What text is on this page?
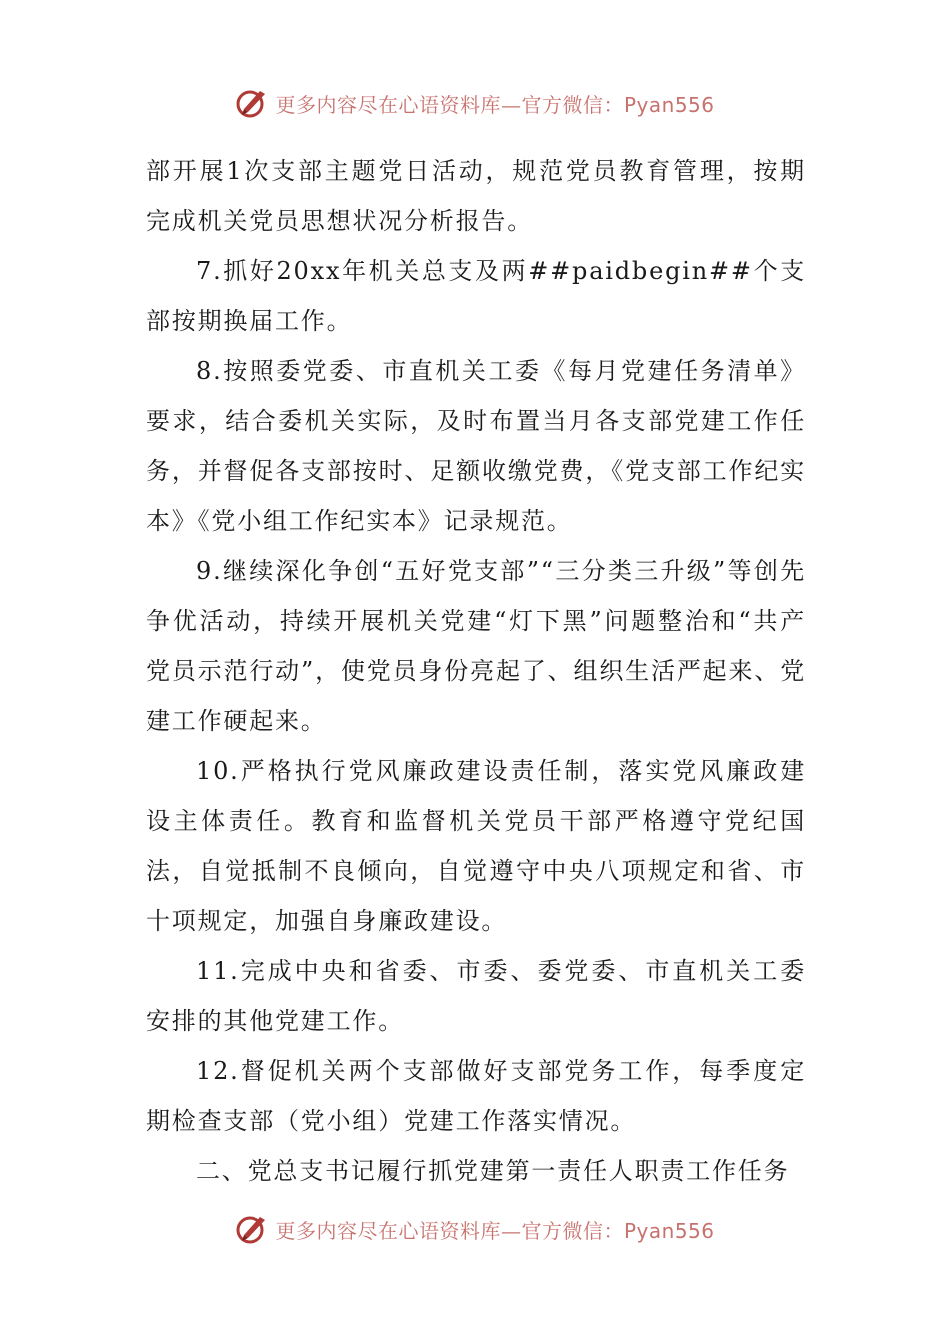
更多内容尽在心语资料库—官方微信：Pyan556

部开展1次支部主题党日活动，规范党员教育管理，按期完成机关党员思想状况分析报告。

7.抓好20xx年机关总支及两##paidbegin##个支部按期换届工作。

8.按照委党委、市直机关工委《每月党建任务清单》要求，结合委机关实际，及时布置当月各支部党建工作任务，并督促各支部按时、足额收缴党费，《党支部工作纪实本》《党小组工作纪实本》记录规范。

9.继续深化争创“五好党支部”“三分类三升级”等创先争优活动，持续开展机关党建“灯下黑”问题整治和“共产党员示范行动”，使党员身份亮起了、组织生活严起来、党建工作硬起来。

10.严格执行党风廉政建设责任制，落实党风廉政建设主体责任。教育和监督机关党员干部严格遵守党纪国法，自觉抵制不良倾向，自觉遵守中央八项规定和省、市十项规定，加强自身廉政建设。

11.完成中央和省委、市委、委党委、市直机关工委安排的其他党建工作。

12.督促机关两个支部做好支部党务工作，每季度定期检查支部（党小组）党建工作落实情况。

二、党总支书记履行抓党建第一责任人职责工作任务

更多内容尽在心语资料库—官方微信：Pyan556
